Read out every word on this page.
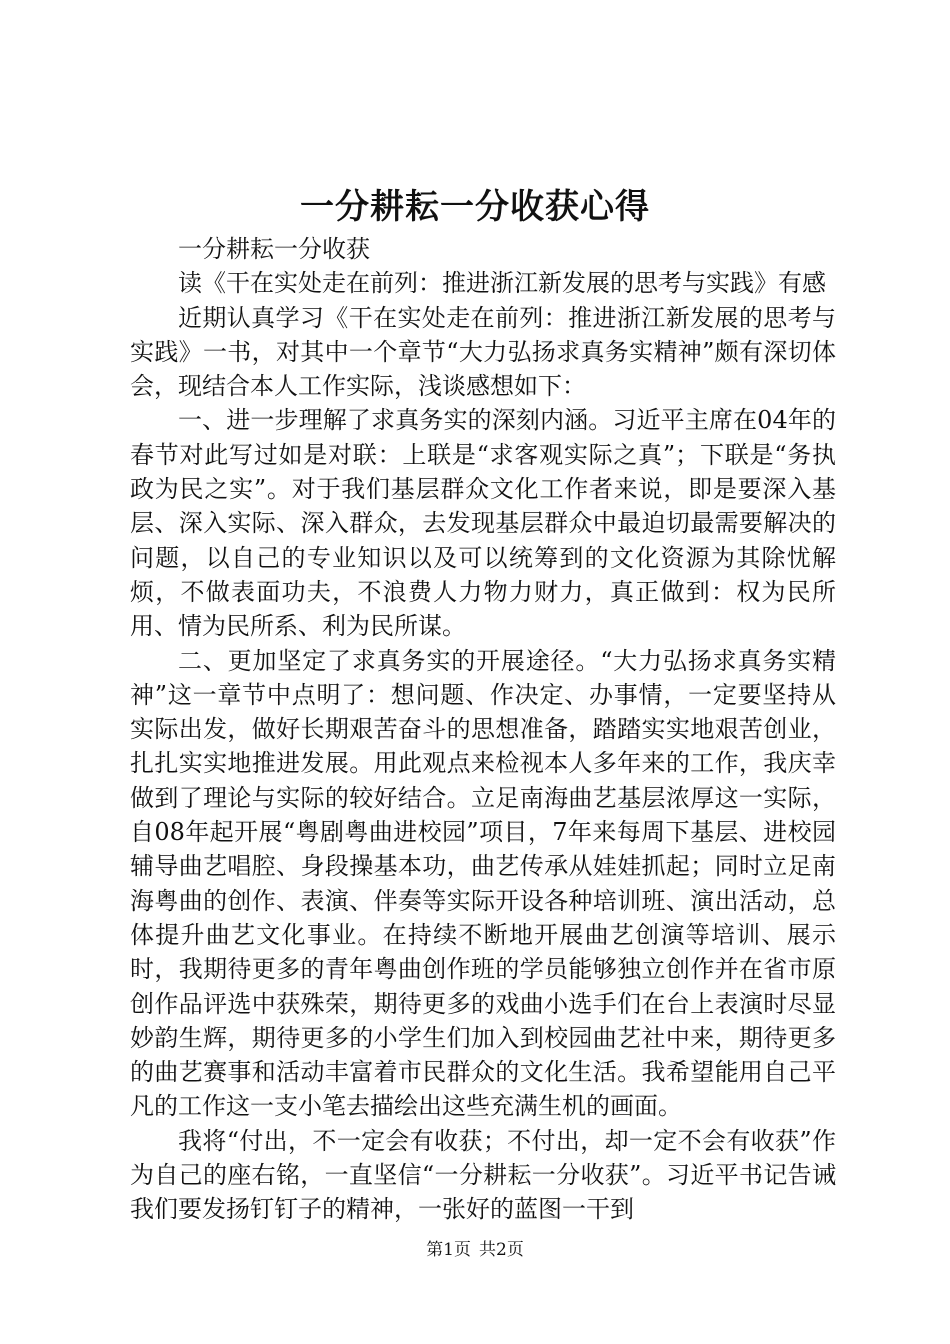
一分耕耘一分收获心得

一分耕耘一分收获

读《干在实处走在前列：推进浙江新发展的思考与实践》有感

近期认真学习《干在实处走在前列：推进浙江新发展的思考与实践》一书，对其中一个章节“大力弘扬求真务实精神”颇有深切体会，现结合本人工作实际，浅谈感想如下：

一、进一步理解了求真务实的深刻内涵。习近平主席在04年的春节对此写过如是对联：上联是“求客观实际之真”；下联是“务执政为民之实”。对于我们基层群众文化工作者来说，即是要深入基层、深入实际、深入群众，去发现基层群众中最迫切最需要解决的问题，以自己的专业知识以及可以统筹到的文化资源为其除忧解烦，不做表面功夫，不浪费人力物力财力，真正做到：权为民所用、情为民所系、利为民所谋。

二、更加坚定了求真务实的开展途径。“大力弘扬求真务实精神”这一章节中点明了：想问题、作决定、办事情，一定要坚持从实际出发，做好长期艰苦奋斗的思想准备，踏踏实实地艰苦创业，扎扎实实地推进发展。用此观点来检视本人多年来的工作，我庆幸做到了理论与实际的较好结合。立足南海曲艺基层浓厚这一实际，自08年起开展“粤剧粤曲进校园”项目，7年来每周下基层、进校园辅导曲艺唱腔、身段操基本功，曲艺传承从娃娃抓起；同时立足南海粤曲的创作、表演、伴奏等实际开设各种培训班、演出活动，总体提升曲艺文化事业。在持续不断地开展曲艺创演等培训、展示时，我期待更多的青年粤曲创作班的学员能够独立创作并在省市原创作品评选中获殊荣，期待更多的戏曲小选手们在台上表演时尽显妙韵生辉，期待更多的小学生们加入到校园曲艺社中来，期待更多的曲艺赛事和活动丰富着市民群众的文化生活。我希望能用自己平凡的工作这一支小笔去描绘出这些充满生机的画面。

我将“付出，不一定会有收获；不付出，却一定不会有收获”作为自己的座右铭，一直坚信“一分耕耘一分收获”。习近平书记告诫我们要发扬钉钉子的精神，一张好的蓝图一干到

第1页 共2页
